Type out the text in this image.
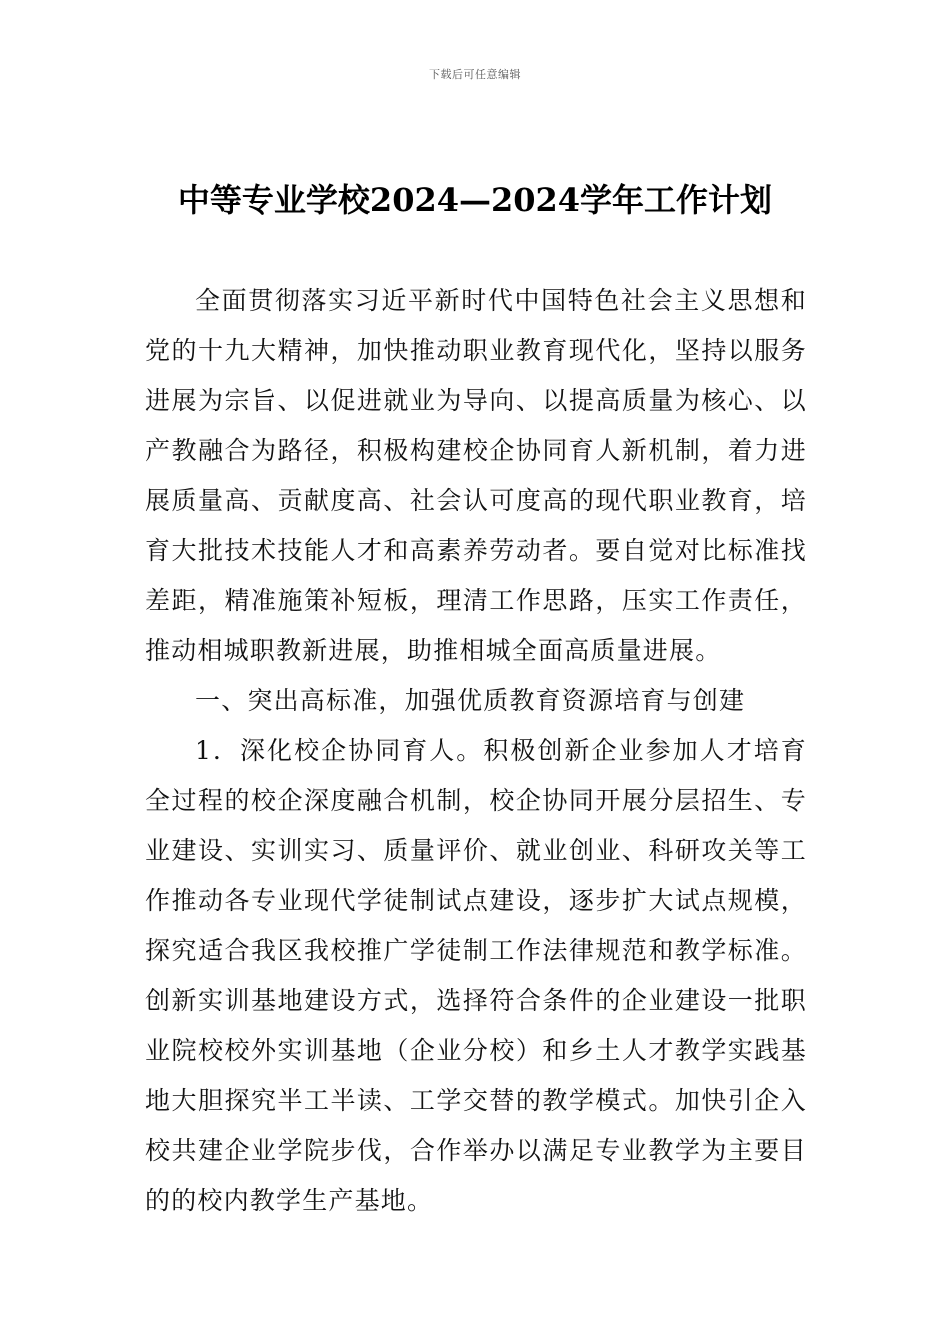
下载后可任意编辑
中等专业学校2024—2024学年工作计划

全面贯彻落实习近平新时代中国特色社会主义思想和党的十九大精神，加快推动职业教育现代化，坚持以服务进展为宗旨、以促进就业为导向、以提高质量为核心、以产教融合为路径，积极构建校企协同育人新机制，着力进展质量高、贡献度高、社会认可度高的现代职业教育，培育大批技术技能人才和高素养劳动者。要自觉对比标准找差距，精准施策补短板，理清工作思路，压实工作责任，推动相城职教新进展，助推相城全面高质量进展。

一、突出高标准，加强优质教育资源培育与创建

1．深化校企协同育人。积极创新企业参加人才培育全过程的校企深度融合机制，校企协同开展分层招生、专业建设、实训实习、质量评价、就业创业、科研攻关等工作推动各专业现代学徒制试点建设，逐步扩大试点规模，探究适合我区我校推广学徒制工作法律规范和教学标准。创新实训基地建设方式，选择符合条件的企业建设一批职业院校校外实训基地（企业分校）和乡土人才教学实践基地大胆探究半工半读、工学交替的教学模式。加快引企入校共建企业学院步伐，合作举办以满足专业教学为主要目的的校内教学生产基地。
